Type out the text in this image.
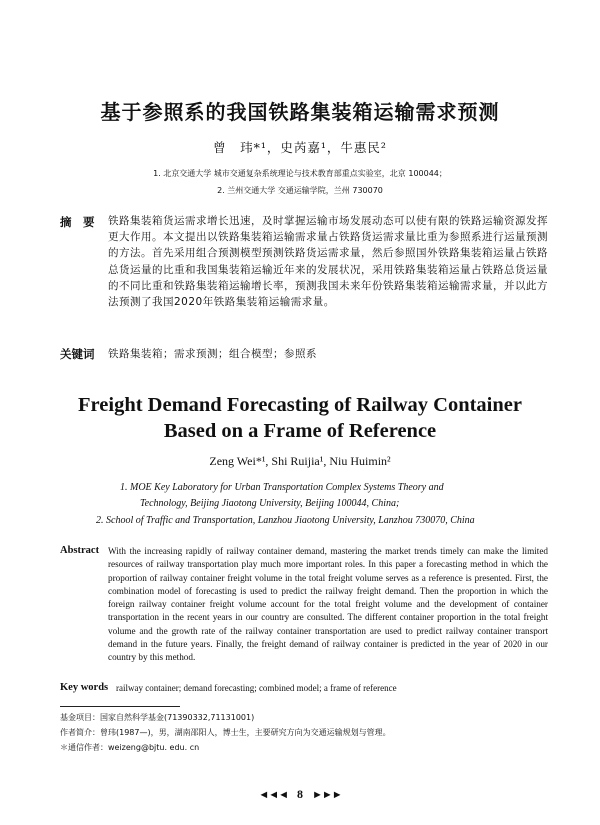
基于参照系的我国铁路集装箱运输需求预测
曾　玮*¹，史芮嘉¹，牛惠民²
1. 北京交通大学 城市交通复杂系统理论与技术教育部重点实验室，北京 100044；
2. 兰州交通大学 交通运输学院，兰州 730070
摘　要 铁路集装箱货运需求增长迅速，及时掌握运输市场发展动态可以使有限的铁路运输资源发挥更大作用。本文提出以铁路集装箱运输需求量占铁路货运需求量比重为参照系进行运量预测的方法。首先采用组合预测模型预测铁路货运需求量，然后参照国外铁路集装箱运量占铁路总货运量的比重和我国集装箱运输近年来的发展状况，采用铁路集装箱运量占铁路总货运量的不同比重和铁路集装箱运输增长率，预测我国未来年份铁路集装箱运输需求量，并以此方法预测了我国2020年铁路集装箱运输需求量。
关键词 铁路集装箱；需求预测；组合模型；参照系
Freight Demand Forecasting of Railway Container
Based on a Frame of Reference
Zeng Wei*¹, Shi Ruijia¹, Niu Huimin²
1. MOE Key Laboratory for Urban Transportation Complex Systems Theory and
Technology, Beijing Jiaotong University, Beijing 100044, China;
2. School of Traffic and Transportation, Lanzhou Jiaotong University, Lanzhou 730070, China
Abstract With the increasing rapidly of railway container demand, mastering the market trends timely can make the limited resources of railway transportation play much more important roles. In this paper a forecasting method in which the proportion of railway container freight volume in the total freight volume serves as a reference is presented. First, the combination model of forecasting is used to predict the railway freight demand. Then the proportion in which the foreign railway container freight volume account for the total freight volume and the development of container transportation in the recent years in our country are consulted. The different container proportion in the total freight volume and the growth rate of the railway container transportation are used to predict railway container transport demand in the future years. Finally, the freight demand of railway container is predicted in the year of 2020 in our country by this method.
Key words railway container; demand forecasting; combined model; a frame of reference
基金项目：国家自然科学基金(71390332,71131001)
作者简介：曾玮(1987—)，男，湖南邵阳人，博士生，主要研究方向为交通运输规划与管理。
＊通信作者：weizeng@bjtu. edu. cn
◄◄◄ 8 ►►►
